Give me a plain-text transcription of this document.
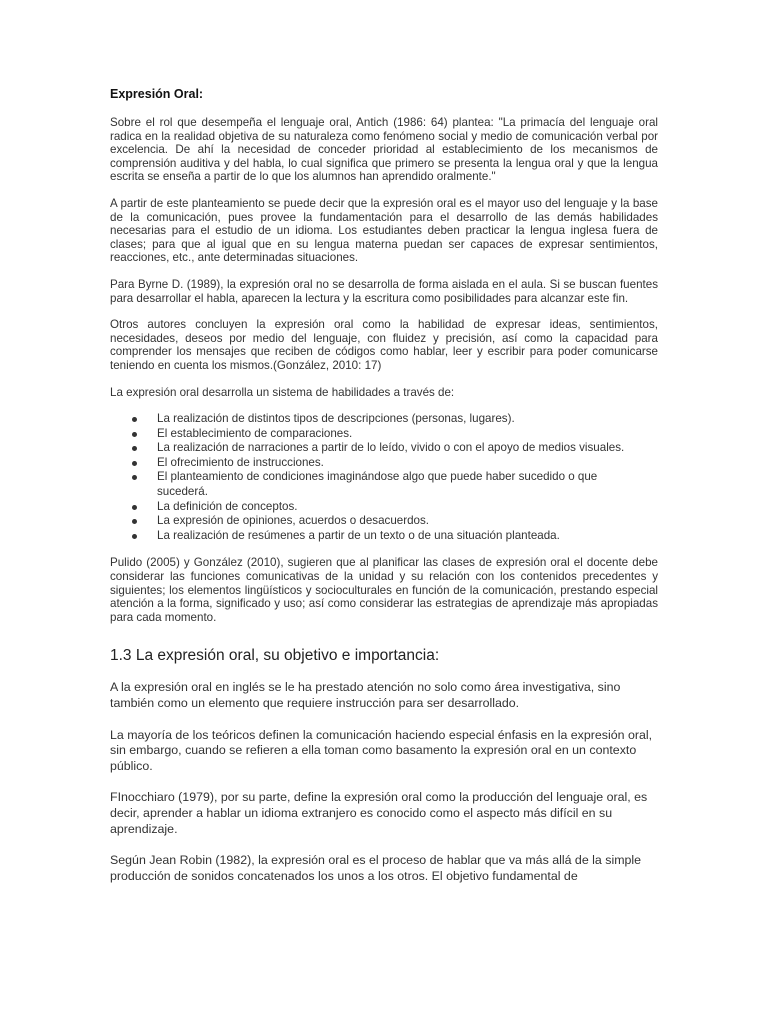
Expresión Oral:

Sobre el rol que desempeña el lenguaje oral, Antich (1986: 64) plantea: "La primacía del lenguaje oral radica en la realidad objetiva de su naturaleza como fenómeno social y medio de comunicación verbal por excelencia. De ahí la necesidad de conceder prioridad al establecimiento de los mecanismos de comprensión auditiva y del habla, lo cual significa que primero se presenta la lengua oral y que la lengua escrita se enseña a partir de lo que los alumnos han aprendido oralmente."

A partir de este planteamiento se puede decir que la expresión oral es el mayor uso del lenguaje y la base de la comunicación, pues provee la fundamentación para el desarrollo de las demás habilidades necesarias para el estudio de un idioma. Los estudiantes deben practicar la lengua inglesa fuera de clases; para que al igual que en su lengua materna puedan ser capaces de expresar sentimientos, reacciones, etc., ante determinadas situaciones.

Para Byrne D. (1989), la expresión oral no se desarrolla de forma aislada en el aula. Si se buscan fuentes para desarrollar el habla, aparecen la lectura y la escritura como posibilidades para alcanzar este fin.

Otros autores concluyen la expresión oral como la habilidad de expresar ideas, sentimientos, necesidades, deseos por medio del lenguaje, con fluidez y precisión, así como la capacidad para comprender los mensajes que reciben de códigos como hablar, leer y escribir para poder comunicarse teniendo en cuenta los mismos.(González, 2010: 17)

La expresión oral desarrolla un sistema de habilidades a través de:

La realización de distintos tipos de descripciones (personas, lugares).
El establecimiento de comparaciones.
La realización de narraciones a partir de lo leído, vivido o con el apoyo de medios visuales.
El ofrecimiento de instrucciones.
El planteamiento de condiciones imaginándose algo que puede haber sucedido o que sucederá.
La definición de conceptos.
La expresión de opiniones, acuerdos o desacuerdos.
La realización de resúmenes a partir de un texto o de una situación planteada.

Pulido (2005) y González (2010), sugieren que al planificar las clases de expresión oral el docente debe considerar las funciones comunicativas de la unidad y su relación con los contenidos precedentes y siguientes; los elementos lingüísticos y socioculturales en función de la comunicación, prestando especial atención a la forma, significado y uso; así como considerar las estrategias de aprendizaje más apropiadas para cada momento.

1.3 La expresión oral, su objetivo e importancia:

A la expresión oral en inglés se le ha prestado atención no solo como área investigativa, sino también como un elemento que requiere instrucción para ser desarrollado.

La mayoría de los teóricos definen la comunicación haciendo especial énfasis en la expresión oral, sin embargo, cuando se refieren a ella toman como basamento la expresión oral en un contexto público.

FInocchiaro (1979), por su parte, define la expresión oral como la producción del lenguaje oral, es decir, aprender a hablar un idioma extranjero es conocido como el aspecto más difícil en su aprendizaje.

Según Jean Robin (1982), la expresión oral es el proceso de hablar que va más allá de la simple producción de sonidos concatenados los unos a los otros. El objetivo fundamental de
